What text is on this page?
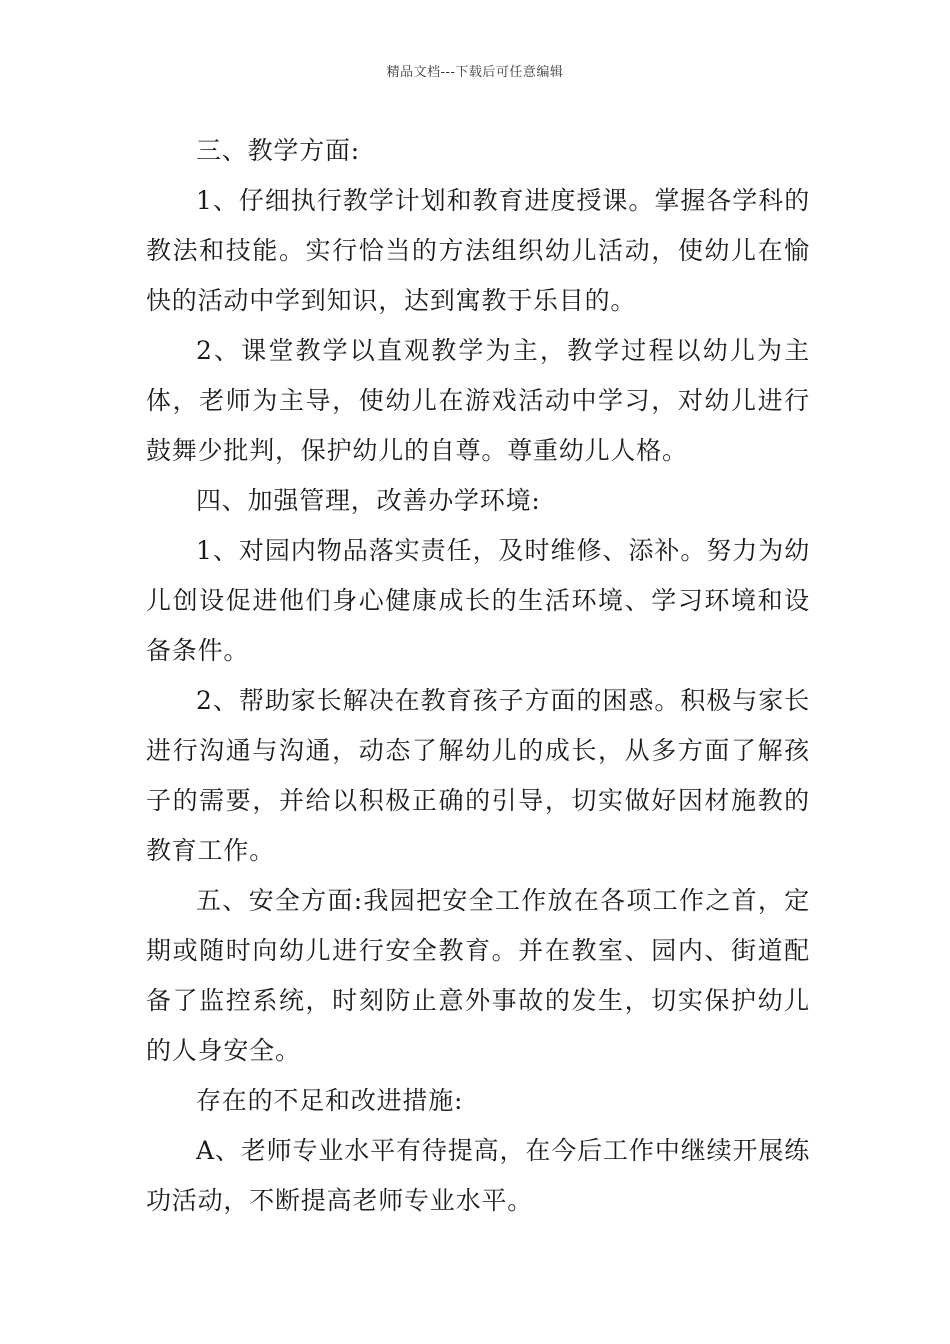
精品文档---下载后可任意编辑

三、教学方面:

1、仔细执行教学计划和教育进度授课。掌握各学科的教法和技能。实行恰当的方法组织幼儿活动，使幼儿在愉快的活动中学到知识，达到寓教于乐目的。

2、课堂教学以直观教学为主，教学过程以幼儿为主体，老师为主导，使幼儿在游戏活动中学习，对幼儿进行鼓舞少批判，保护幼儿的自尊。尊重幼儿人格。

四、加强管理，改善办学环境:

1、对园内物品落实责任，及时维修、添补。努力为幼儿创设促进他们身心健康成长的生活环境、学习环境和设备条件。

2、帮助家长解决在教育孩子方面的困惑。积极与家长进行沟通与沟通，动态了解幼儿的成长，从多方面了解孩子的需要，并给以积极正确的引导，切实做好因材施教的教育工作。

五、安全方面:我园把安全工作放在各项工作之首，定期或随时向幼儿进行安全教育。并在教室、园内、街道配备了监控系统，时刻防止意外事故的发生，切实保护幼儿的人身安全。

存在的不足和改进措施:

A、老师专业水平有待提高，在今后工作中继续开展练功活动，不断提高老师专业水平。
